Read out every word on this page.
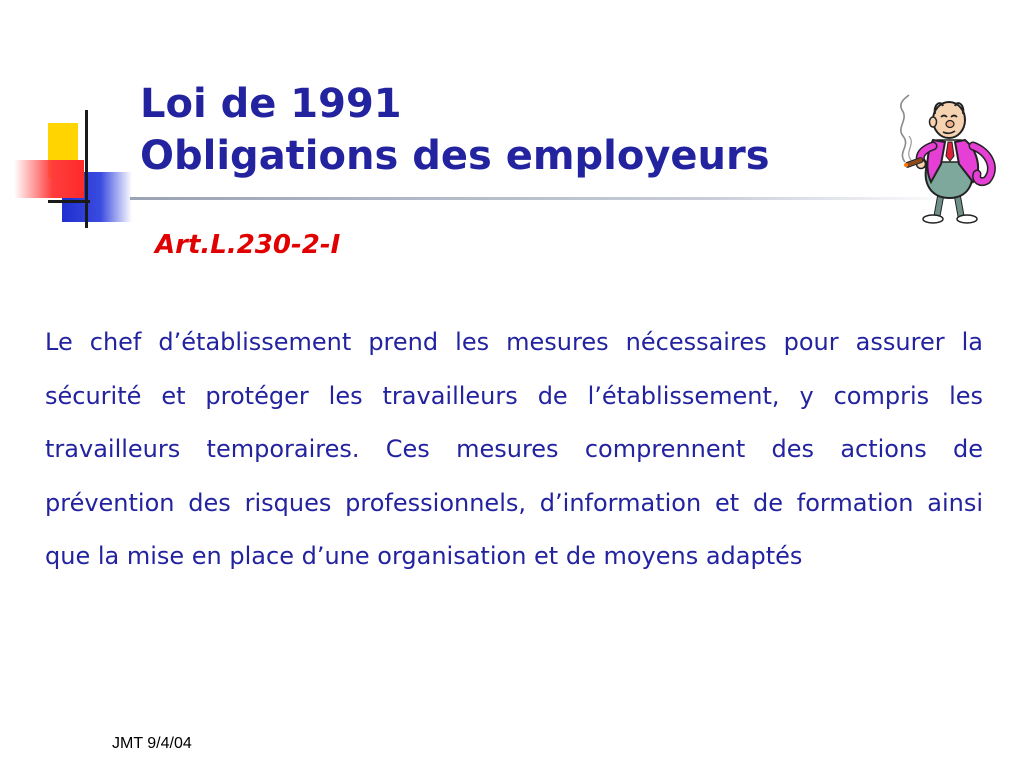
Loi de 1991
Obligations des employeurs

Art.L.230-2-I

Le chef d’établissement prend les mesures nécessaires pour assurer la sécurité et protéger les travailleurs de l’établissement, y compris les travailleurs temporaires. Ces mesures comprennent des actions de prévention des risques professionnels, d’information et de formation ainsi que la mise en place d’une organisation et de moyens adaptés

JMT 9/4/04
